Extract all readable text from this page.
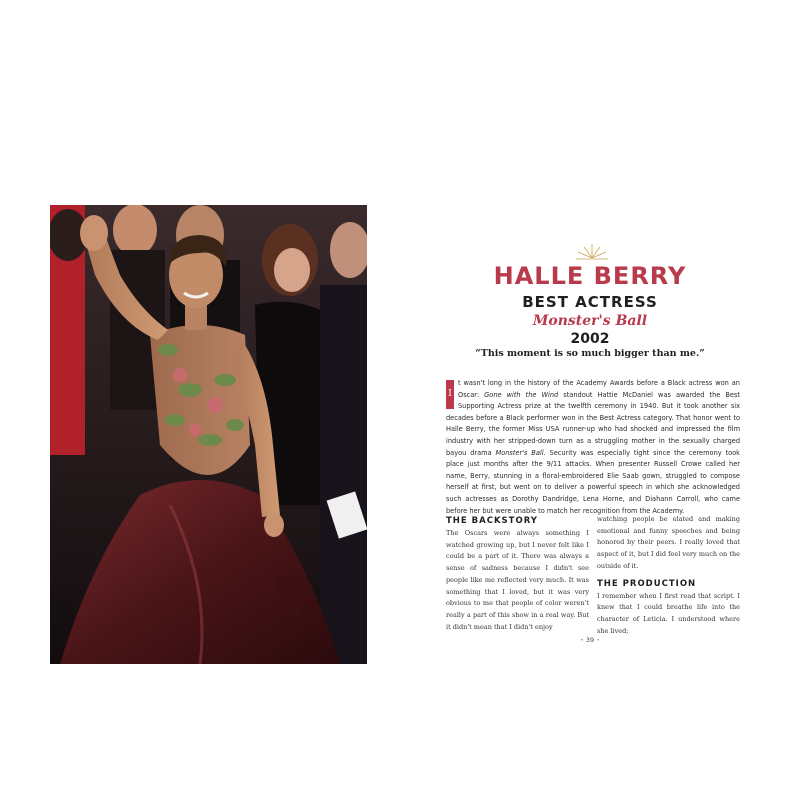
HALLE BERRY
BEST ACTRESS
Monster's Ball
2002
“This moment is so much bigger than me.”

I
t wasn't long in the history of the Academy Awards before a Black actress won an Oscar: Gone with the Wind standout Hattie McDaniel was awarded the Best Supporting Actress prize at the twelfth ceremony in 1940. But it took another six decades before a Black performer won in the Best Actress category. That honor went to Halle Berry, the former Miss USA runner-up who had shocked and impressed the film industry with her stripped-down turn as a struggling mother in the sexually charged bayou drama Monster's Ball. Security was especially tight since the ceremony took place just months after the 9/11 attacks. When presenter Russell Crowe called her name, Berry, stunning in a floral-embroidered Elie Saab gown, struggled to compose herself at first, but went on to deliver a powerful speech in which she acknowledged such actresses as Dorothy Dandridge, Lena Horne, and Diahann Carroll, who came before her but were unable to match her recognition from the Academy.

THE BACKSTORY

The Oscars were always something I watched growing up, but I never felt like I could be a part of it. There was always a sense of sadness because I didn't see people like me reflected very much. It was something that I loved, but it was very obvious to me that people of color weren't really a part of this show in a real way. But it didn't mean that I didn't enjoy

watching people be elated and making emotional and funny speeches and being honored by their peers. I really loved that aspect of it, but I did feel very much on the outside of it.

THE PRODUCTION

I remember when I first read that script. I knew that I could breathe life into the character of Leticia. I understood where she lived;

• 39 •
